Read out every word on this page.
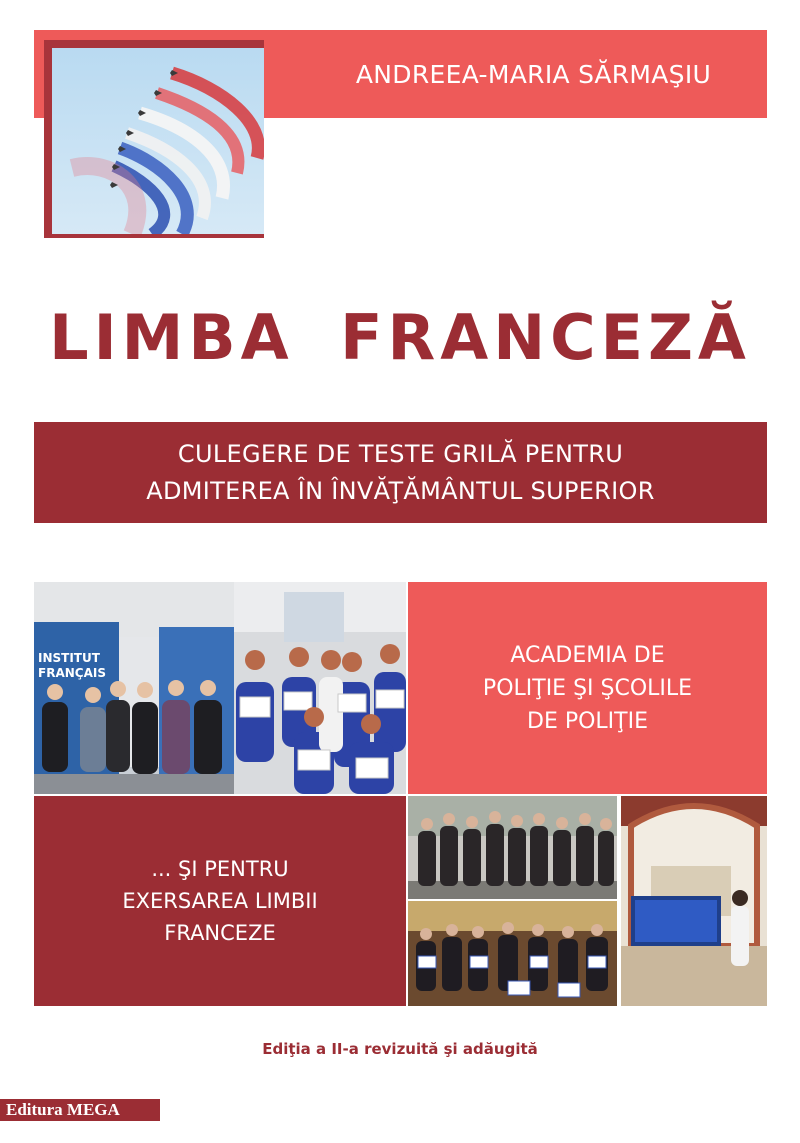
ANDREEA-MARIA SĂRMAŞIU
LIMBA FRANCEZĂ
CULEGERE DE TESTE GRILĂ PENTRU
ADMITEREA ÎN ÎNVĂŢĂMÂNTUL SUPERIOR
INSTITUT
FRANÇAIS
ACADEMIA DE
POLIŢIE ŞI ŞCOLILE
DE POLIŢIE
... ŞI PENTRU
EXERSAREA LIMBII
FRANCEZE
Ediţia a II-a revizuită şi adăugită
Editura MEGA
